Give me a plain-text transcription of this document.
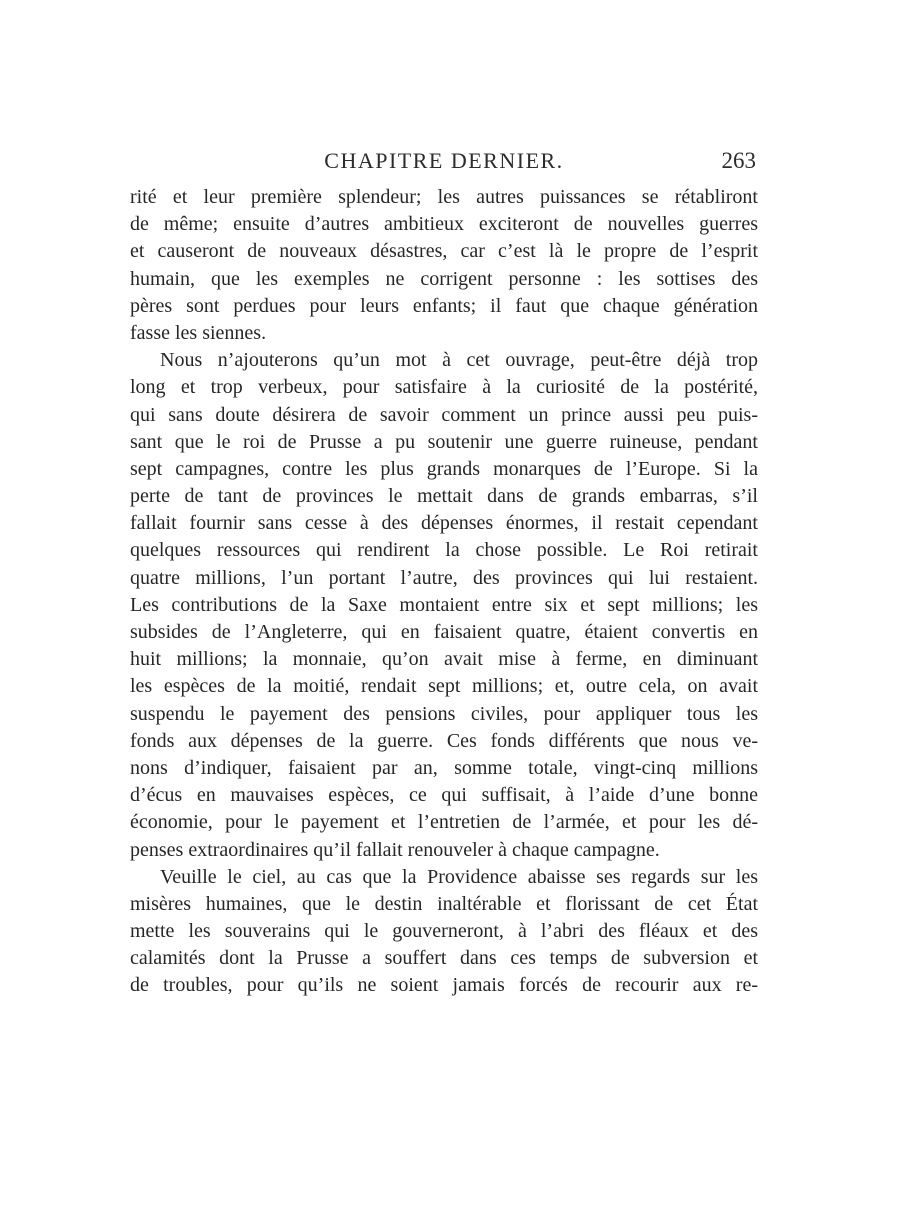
CHAPITRE DERNIER.	263
rité et leur première splendeur; les autres puissances se rétabliront
de même; ensuite d’autres ambitieux exciteront de nouvelles guerres
et causeront de nouveaux désastres, car c’est là le propre de l’esprit
humain, que les exemples ne corrigent personne : les sottises des
pères sont perdues pour leurs enfants; il faut que chaque génération
fasse les siennes.
Nous n’ajouterons qu’un mot à cet ouvrage, peut-être déjà trop
long et trop verbeux, pour satisfaire à la curiosité de la postérité,
qui sans doute désirera de savoir comment un prince aussi peu puis-
sant que le roi de Prusse a pu soutenir une guerre ruineuse, pendant
sept campagnes, contre les plus grands monarques de l’Europe. Si la
perte de tant de provinces le mettait dans de grands embarras, s’il
fallait fournir sans cesse à des dépenses énormes, il restait cependant
quelques ressources qui rendirent la chose possible. Le Roi retirait
quatre millions, l’un portant l’autre, des provinces qui lui restaient.
Les contributions de la Saxe montaient entre six et sept millions; les
subsides de l’Angleterre, qui en faisaient quatre, étaient convertis en
huit millions; la monnaie, qu’on avait mise à ferme, en diminuant
les espèces de la moitié, rendait sept millions; et, outre cela, on avait
suspendu le payement des pensions civiles, pour appliquer tous les
fonds aux dépenses de la guerre. Ces fonds différents que nous ve-
nons d’indiquer, faisaient par an, somme totale, vingt-cinq millions
d’écus en mauvaises espèces, ce qui suffisait, à l’aide d’une bonne
économie, pour le payement et l’entretien de l’armée, et pour les dé-
penses extraordinaires qu’il fallait renouveler à chaque campagne.
Veuille le ciel, au cas que la Providence abaisse ses regards sur les
misères humaines, que le destin inaltérable et florissant de cet État
mette les souverains qui le gouverneront, à l’abri des fléaux et des
calamités dont la Prusse a souffert dans ces temps de subversion et
de troubles, pour qu’ils ne soient jamais forcés de recourir aux re-
